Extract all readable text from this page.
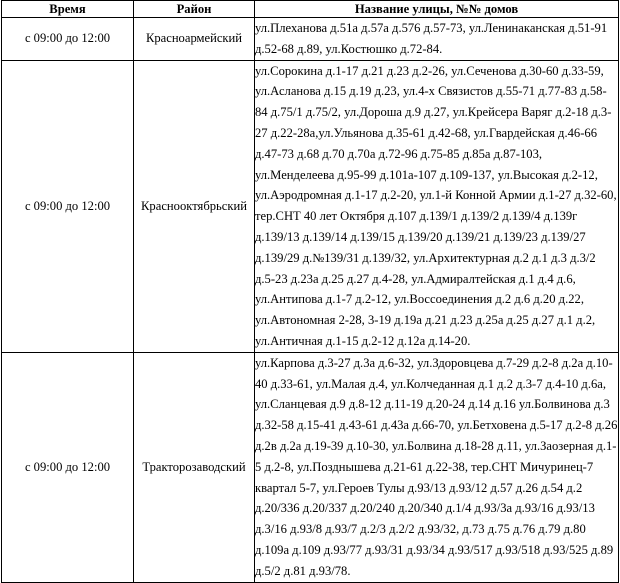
Время	Район	Название улицы, №№ домов
с 09:00 до 12:00	Красноармейский	ул.Плеханова д.51а д.57а д.576 д.57-73, ул.Ленинаканская д.51-91 д.52-68 д.89, ул.Костюшко д.72-84.
с 09:00 до 12:00	Краснооктябрьский	ул.Сорокина д.1-17 д.21 д.23 д.2-26, ул.Сеченова д.30-60 д.33-59, ул.Асланова д.15 д.19 д.23, ул.4-х Связистов д.55-71 д.77-83 д.58-84 д.75/1 д.75/2, ул.Дороша д.9 д.27, ул.Крейсера Варяг д.2-18 д.3-27 д.22-28а,ул.Ульянова д.35-61 д.42-68, ул.Гвардейская д.46-66 д.47-73 д.68 д.70 д.70а д.72-96 д.75-85 д.85а д.87-103, ул.Менделеева д.95-99 д.101а-107 д.109-137, ул.Высокая д.2-12, ул.Аэродромная д.1-17 д.2-20, ул.1-й Конной Армии д.1-27 д.32-60, тер.СНТ 40 лет Октября д.107 д.139/1 д.139/2 д.139/4 д.139г д.139/13 д.139/14 д.139/15 д.139/20 д.139/21 д.139/23 д.139/27 д.139/29 д.№139/31 д.139/32, ул.Архитектурная д.2 д.1 д.3 д.3/2 д.5-23 д.23а д.25 д.27 д.4-28, ул.Адмиралтейская д.1 д.4 д.6, ул.Антипова д.1-7 д.2-12, ул.Воссоединения д.2 д.6 д.20 д.22, ул.Автономная 2-28, 3-19 д.19а д.21 д.23 д.25а д.25 д.27 д.1 д.2, ул.Античная д.1-15 д.2-12 д.12а д.14-20.
с 09:00 до 12:00	Тракторозаводский	ул.Карпова д.3-27 д.3а д.6-32, ул.Здоровцева д.7-29 д.2-8 д.2а д.10-40 д.33-61, ул.Малая д.4, ул.Колчеданная д.1 д.2 д.3-7 д.4-10 д.6а, ул.Сланцевая д.9 д.8-12 д.11-19 д.20-24 д.14 д.16 ул.Болвинова д.3 д.32-58 д.15-41 д.43-61 д.43а д.66-70, ул.Бетховена д.5-17 д.2-8 д.26 д.2в д.2а д.19-39 д.10-30, ул.Болвина д.18-28 д.11, ул.Заозерная д.1-5 д.2-8, ул.Позднышева д.21-61 д.22-38, тер.СНТ Мичуринец-7 квартал 5-7, ул.Героев Тулы д.93/13 д.93/12 д.57 д.26 д.54 д.2 д.20/336 д.20/337 д.20/240 д.20/340 д.1/4 д.93/3а д.93/16 д.93/13 д.3/16 д.93/8 д.93/7 д.2/3 д.2/2 д.93/32, д.73 д.75 д.76 д.79 д.80 д.109а д.109 д.93/77 д.93/31 д.93/34 д.93/517 д.93/518 д.93/525 д.89 д.5/2 д.81 д.93/78.
